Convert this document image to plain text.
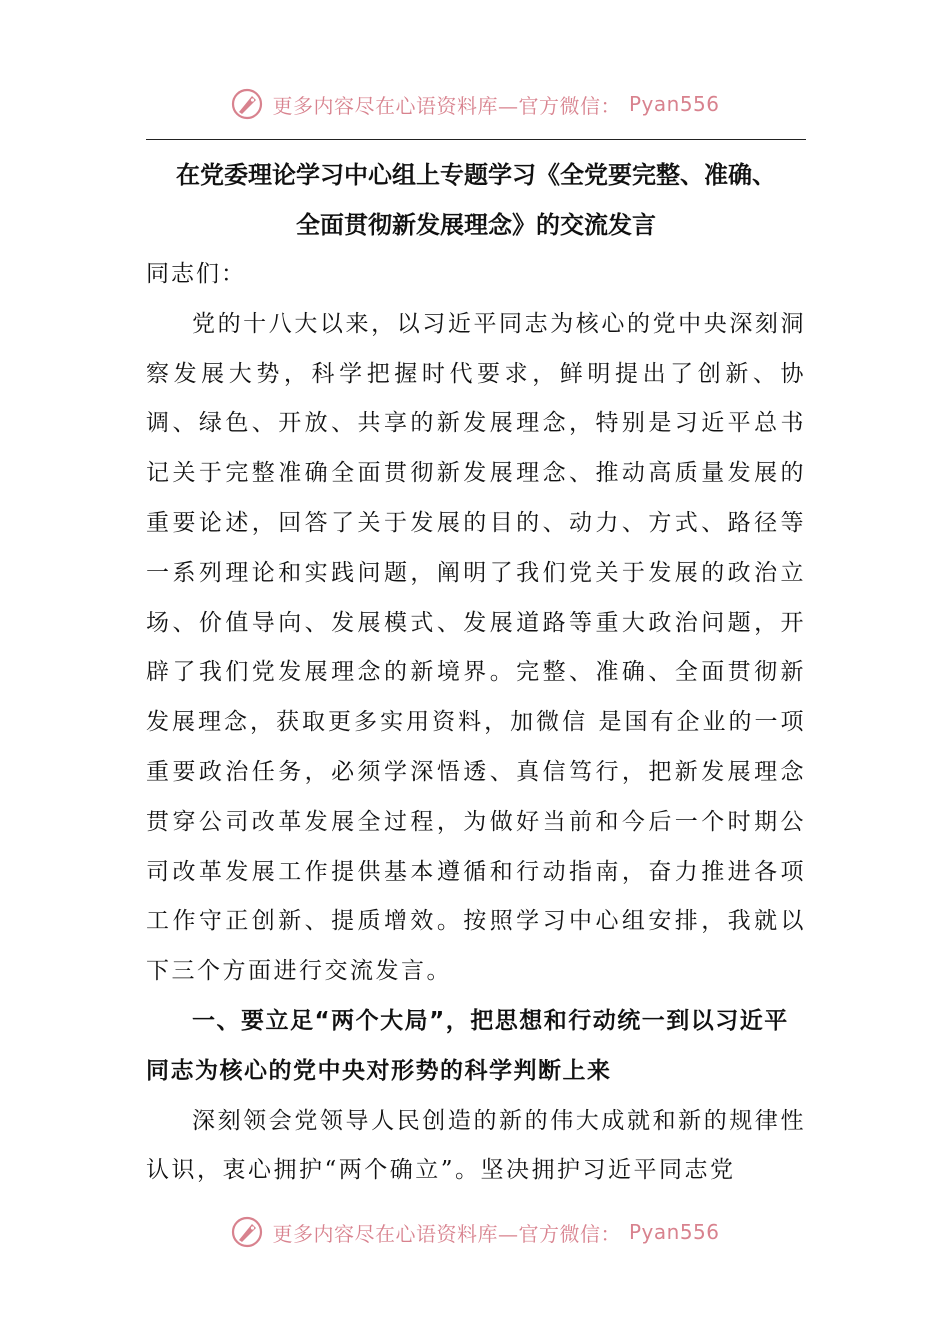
更多内容尽在心语资料库—官方微信： Pyan556
在党委理论学习中心组上专题学习《全党要完整、准确、
全面贯彻新发展理念》的交流发言

同志们：

党的十八大以来，以习近平同志为核心的党中央深刻洞察发展大势，科学把握时代要求，鲜明提出了创新、协调、绿色、开放、共享的新发展理念，特别是习近平总书记关于完整准确全面贯彻新发展理念、推动高质量发展的重要论述，回答了关于发展的目的、动力、方式、路径等一系列理论和实践问题，阐明了我们党关于发展的政治立场、价值导向、发展模式、发展道路等重大政治问题，开辟了我们党发展理念的新境界。完整、准确、全面贯彻新发展理念，获取更多实用资料，加微信 是国有企业的一项重要政治任务，必须学深悟透、真信笃行，把新发展理念贯穿公司改革发展全过程，为做好当前和今后一个时期公司改革发展工作提供基本遵循和行动指南，奋力推进各项工作守正创新、提质增效。按照学习中心组安排，我就以下三个方面进行交流发言。

一、要立足“两个大局”，把思想和行动统一到以习近平同志为核心的党中央对形势的科学判断上来

深刻领会党领导人民创造的新的伟大成就和新的规律性认识，衷心拥护“两个确立”。坚决拥护习近平同志党

更多内容尽在心语资料库—官方微信： Pyan556
